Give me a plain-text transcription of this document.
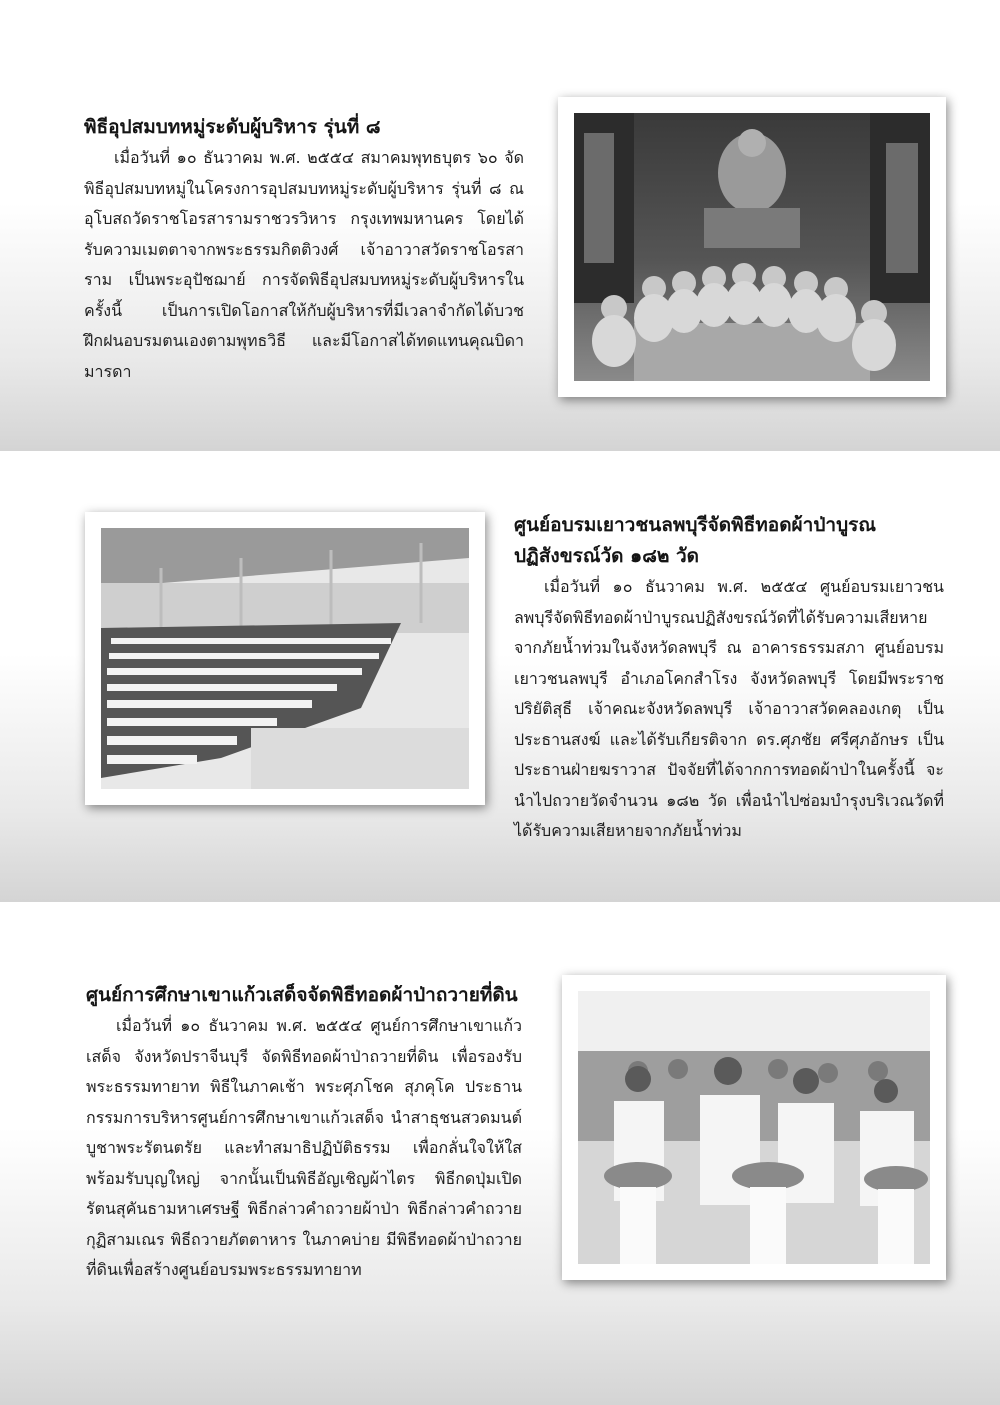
พิธีอุปสมบทหมู่ระดับผู้บริหาร รุ่นที่ ๘
เมื่อวันที่ ๑๐ ธันวาคม พ.ศ. ๒๕๕๔ สมาคมพุทธบุตร ๖๐ จัดพิธีอุปสมบทหมู่ในโครงการอุปสมบทหมู่ระดับผู้บริหาร รุ่นที่ ๘ ณ อุโบสถวัดราชโอรสารามราชวรวิหาร กรุงเทพมหานคร โดยได้รับความเมตตาจากพระธรรมกิตติวงศ์ เจ้าอาวาสวัดราชโอรสาราม เป็นพระอุปัชฌาย์ การจัดพิธีอุปสมบทหมู่ระดับผู้บริหารในครั้งนี้ เป็นการเปิดโอกาสให้กับผู้บริหารที่มีเวลาจำกัดได้บวชฝึกฝนอบรมตนเองตามพุทธวิธี และมีโอกาสได้ทดแทนคุณบิดามารดา
ศูนย์อบรมเยาวชนลพบุรีจัดพิธีทอดผ้าป่าบูรณปฏิสังขรณ์วัด ๑๘๒ วัด
เมื่อวันที่ ๑๐ ธันวาคม พ.ศ. ๒๕๕๔ ศูนย์อบรมเยาวชนลพบุรีจัดพิธีทอดผ้าป่าบูรณปฏิสังขรณ์วัดที่ได้รับความเสียหายจากภัยน้ำท่วมในจังหวัดลพบุรี ณ อาคารธรรมสภา ศูนย์อบรมเยาวชนลพบุรี อำเภอโคกสำโรง จังหวัดลพบุรี โดยมีพระราชปริยัติสุธี เจ้าคณะจังหวัดลพบุรี เจ้าอาวาสวัดคลองเกตุ เป็นประธานสงฆ์ และได้รับเกียรติจาก ดร.ศุภชัย ศรีศุภอักษร เป็นประธานฝ่ายฆราวาส ปัจจัยที่ได้จากการทอดผ้าป่าในครั้งนี้ จะนำไปถวายวัดจำนวน ๑๘๒ วัด เพื่อนำไปซ่อมบำรุงบริเวณวัดที่ได้รับความเสียหายจากภัยน้ำท่วม
ศูนย์การศึกษาเขาแก้วเสด็จจัดพิธีทอดผ้าป่าถวายที่ดิน
เมื่อวันที่ ๑๐ ธันวาคม พ.ศ. ๒๕๕๔ ศูนย์การศึกษาเขาแก้วเสด็จ จังหวัดปราจีนบุรี จัดพิธีทอดผ้าป่าถวายที่ดิน เพื่อรองรับพระธรรมทายาท พิธีในภาคเช้า พระศุภโชค สุภคุโค ประธานกรรมการบริหารศูนย์การศึกษาเขาแก้วเสด็จ นำสาธุชนสวดมนต์บูชาพระรัตนตรัย และทำสมาธิปฏิบัติธรรม เพื่อกลั่นใจให้ใสพร้อมรับบุญใหญ่ จากนั้นเป็นพิธีอัญเชิญผ้าไตร พิธีกดปุ่มเปิดรัตนสุคันธามหาเศรษฐี พิธีกล่าวคำถวายผ้าป่า พิธีกล่าวคำถวายกุฏิสามเณร พิธีถวายภัตตาหาร ในภาคบ่าย มีพิธีทอดผ้าป่าถวายที่ดินเพื่อสร้างศูนย์อบรมพระธรรมทายาท
